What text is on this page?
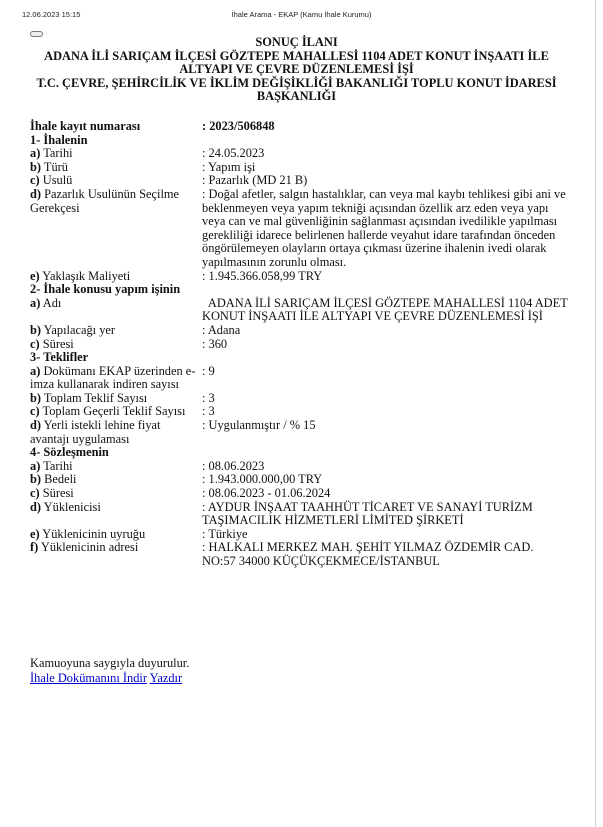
12.06.2023 15:15	İhale Arama - EKAP (Kamu İhale Kurumu)
SONUÇ İLANI
ADANA İLİ SARIÇAM İLÇESİ GÖZTEPE MAHALLESİ 1104 ADET KONUT İNŞAATI İLE ALTYAPI VE ÇEVRE DÜZENLEMESİ İŞİ
T.C. ÇEVRE, ŞEHİRCİLİK VE İKLİM DEĞİŞİKLİĞİ BAKANLIĞI TOPLU KONUT İDARESİ BAŞKANLIĞI
İhale kayıt numarası	: 2023/506848
1- İhalenin	
a) Tarihi	: 24.05.2023
b) Türü	: Yapım işi
c) Usulü	: Pazarlık (MD 21 B)
d) Pazarlık Usulünün Seçilme Gerekçesi	: Doğal afetler, salgın hastalıklar, can veya mal kaybı tehlikesi gibi ani ve beklenmeyen veya yapım tekniği açısından özellik arz eden veya yapı veya can ve mal güvenliğinin sağlanması açısından ivedilikle yapılması gerekliliği idarece belirlenen hallerde veyahut idare tarafından önceden öngörülemeyen olayların ortaya çıkması üzerine ihalenin ivedi olarak yapılmasının zorunlu olması.
e) Yaklaşık Maliyeti	: 1.945.366.058,99 TRY
2- İhale konusu yapım işinin	
a) Adı	ADANA İLİ SARIÇAM İLÇESİ GÖZTEPE MAHALLESİ 1104 ADET KONUT İNŞAATI İLE ALTYAPI VE ÇEVRE DÜZENLEMESİ İŞİ
b) Yapılacağı yer	: Adana
c) Süresi	: 360
3- Teklifler	
a) Dokümanı EKAP üzerinden e-imza kullanarak indiren sayısı	: 9
b) Toplam Teklif Sayısı	: 3
c) Toplam Geçerli Teklif Sayısı	: 3
d) Yerli istekli lehine fiyat avantajı uygulaması	: Uygulanmıştır / % 15
4- Sözleşmenin	
a) Tarihi	: 08.06.2023
b) Bedeli	: 1.943.000.000,00 TRY
c) Süresi	: 08.06.2023 - 01.06.2024
d) Yüklenicisi	: AYDUR İNŞAAT TAAHHÜT TİCARET VE SANAYİ TURİZM TAŞIMACILIK HİZMETLERİ LİMİTED ŞİRKETİ
e) Yüklenicinin uyruğu	: Türkiye
f) Yüklenicinin adresi	: HALKALI MERKEZ MAH. ŞEHİT YILMAZ ÖZDEMİR CAD. NO:57 34000 KÜÇÜKÇEKMECE/İSTANBUL
Kamuoyuna saygıyla duyurulur.
İhale Dokümanını İndir Yazdır
